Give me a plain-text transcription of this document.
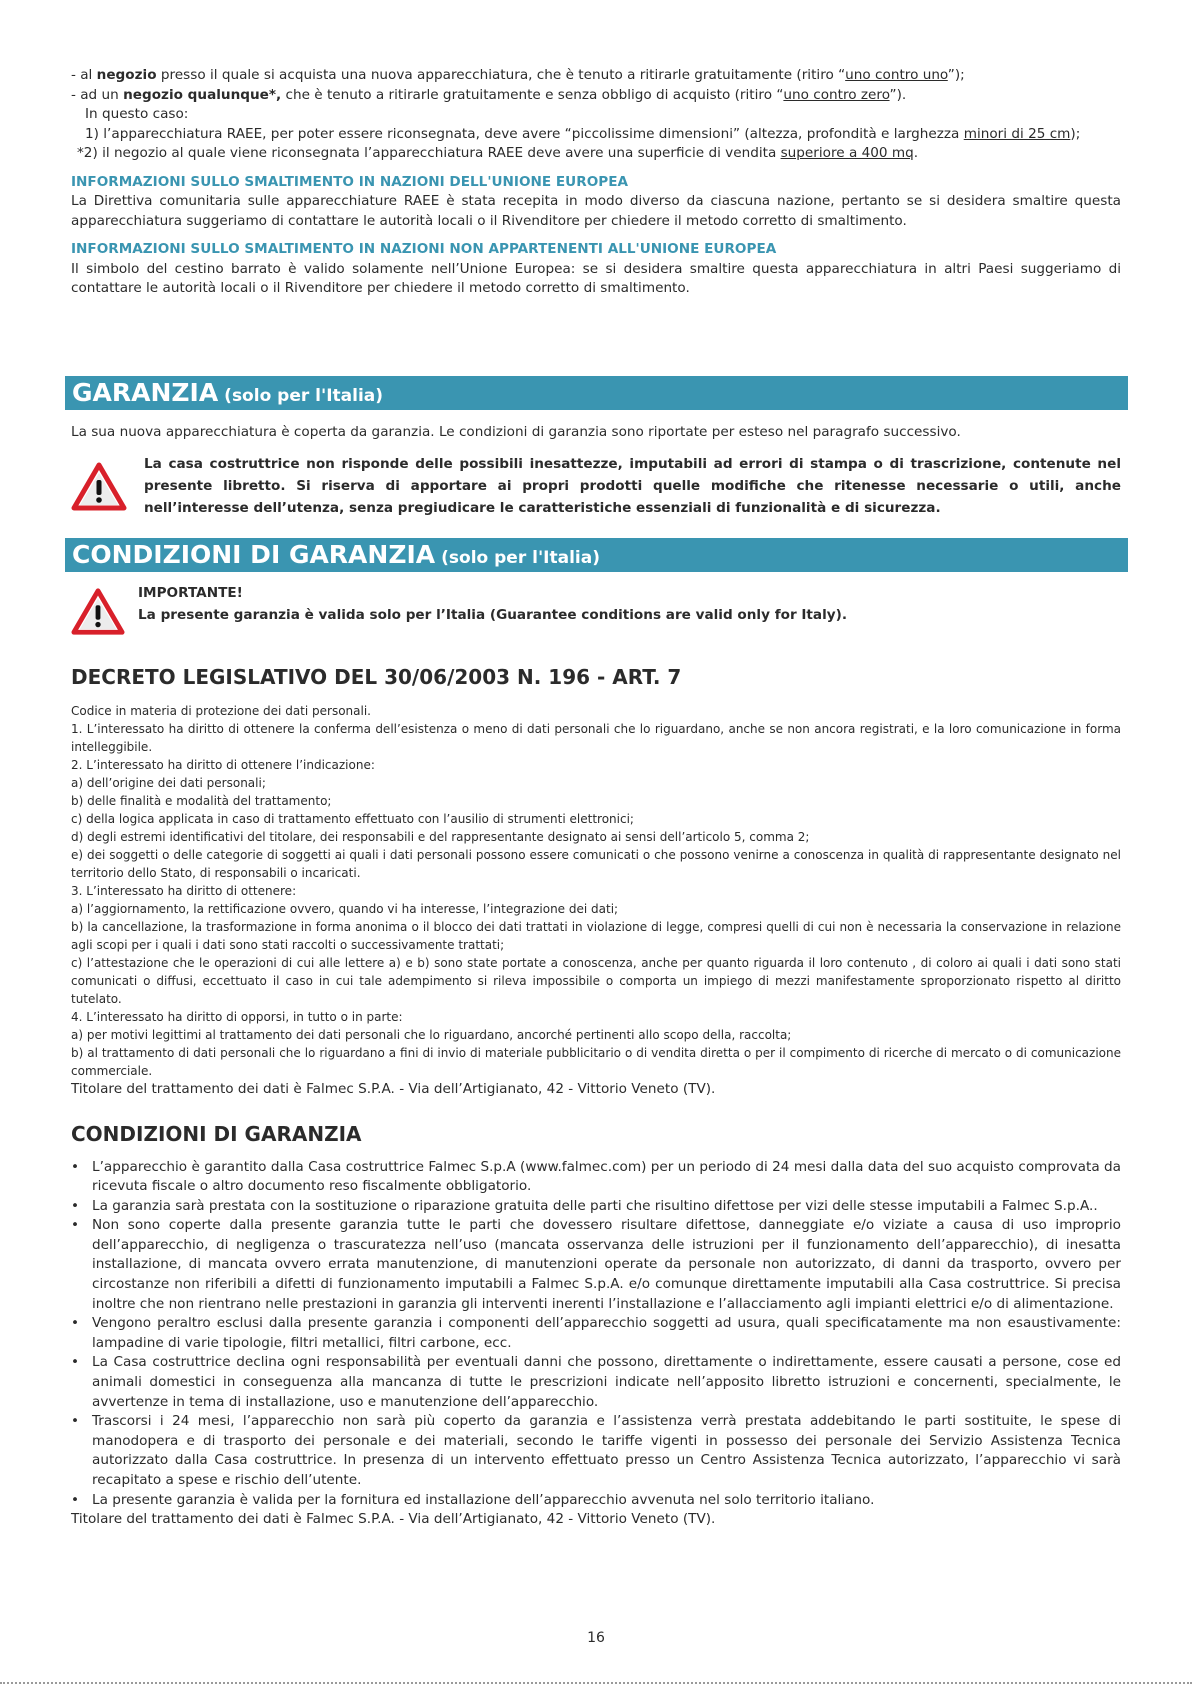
- al negozio presso il quale si acquista una nuova apparecchiatura, che è tenuto a ritirarle gratuitamente (ritiro “uno contro uno”);
- ad un negozio qualunque*, che è tenuto a ritirarle gratuitamente e senza obbligo di acquisto (ritiro “uno contro zero”).
In questo caso:
1) l’apparecchiatura RAEE, per poter essere riconsegnata, deve avere “piccolissime dimensioni” (altezza, profondità e larghezza minori di 25 cm);
*2) il negozio al quale viene riconsegnata l’apparecchiatura RAEE deve avere una superficie di vendita superiore a 400 mq.
INFORMAZIONI SULLO SMALTIMENTO IN NAZIONI DELL'UNIONE EUROPEA
La Direttiva comunitaria sulle apparecchiature RAEE è stata recepita in modo diverso da ciascuna nazione, pertanto se si desidera smaltire questa apparecchiatura suggeriamo di contattare le autorità locali o il Rivenditore per chiedere il metodo corretto di smaltimento.
INFORMAZIONI SULLO SMALTIMENTO IN NAZIONI NON APPARTENENTI ALL'UNIONE EUROPEA
Il simbolo del cestino barrato è valido solamente nell’Unione Europea: se si desidera smaltire questa apparecchiatura in altri Paesi suggeriamo di contattare le autorità locali o il Rivenditore per chiedere il metodo corretto di smaltimento.
GARANZIA (solo per l'Italia)
La sua nuova apparecchiatura è coperta da garanzia. Le condizioni di garanzia sono riportate per esteso nel paragrafo successivo.
La casa costruttrice non risponde delle possibili inesattezze, imputabili ad errori di stampa o di trascrizione, contenute nel presente libretto. Si riserva di apportare ai propri prodotti quelle modifiche che ritenesse necessarie o utili, anche nell’interesse dell’utenza, senza pregiudicare le caratteristiche essenziali di funzionalità e di sicurezza.
CONDIZIONI DI GARANZIA (solo per l'Italia)
IMPORTANTE!
La presente garanzia è valida solo per l’Italia (Guarantee conditions are valid only for Italy).
DECRETO LEGISLATIVO DEL 30/06/2003 N. 196 - ART. 7
Codice in materia di protezione dei dati personali.
1. L’interessato ha diritto di ottenere la conferma dell’esistenza o meno di dati personali che lo riguardano, anche se non ancora registrati, e la loro comunicazione in forma intelleggibile.
2. L’interessato ha diritto di ottenere l’indicazione:
a) dell’origine dei dati personali;
b) delle finalità e modalità del trattamento;
c) della logica applicata in caso di trattamento effettuato con l’ausilio di strumenti elettronici;
d) degli estremi identificativi del titolare, dei responsabili e del rappresentante designato ai sensi dell’articolo 5, comma 2;
e) dei soggetti o delle categorie di soggetti ai quali i dati personali possono essere comunicati o che possono venirne a conoscenza in qualità di rappresentante designato nel territorio dello Stato, di responsabili o incaricati.
3. L’interessato ha diritto di ottenere:
a) l’aggiornamento, la rettificazione ovvero, quando vi ha interesse, l’integrazione dei dati;
b) la cancellazione, la trasformazione in forma anonima o il blocco dei dati trattati in violazione di legge, compresi quelli di cui non è necessaria la conservazione in relazione agli scopi per i quali i dati sono stati raccolti o successivamente trattati;
c) l’attestazione che le operazioni di cui alle lettere a) e b) sono state portate a conoscenza, anche per quanto riguarda il loro contenuto , di coloro ai quali i dati sono stati comunicati o diffusi, eccettuato il caso in cui tale adempimento si rileva impossibile o comporta un impiego di mezzi manifestamente sproporzionato rispetto al diritto tutelato.
4. L’interessato ha diritto di opporsi, in tutto o in parte:
a) per motivi legittimi al trattamento dei dati personali che lo riguardano, ancorché pertinenti allo scopo della, raccolta;
b) al trattamento di dati personali che lo riguardano a fini di invio di materiale pubblicitario o di vendita diretta o per il compimento di ricerche di mercato o di comunicazione commerciale.
Titolare del trattamento dei dati è Falmec S.P.A. - Via dell’Artigianato, 42 - Vittorio Veneto (TV).
CONDIZIONI DI GARANZIA
• L’apparecchio è garantito dalla Casa costruttrice Falmec S.p.A (www.falmec.com) per un periodo di 24 mesi dalla data del suo acquisto comprovata da ricevuta fiscale o altro documento reso fiscalmente obbligatorio.
• La garanzia sarà prestata con la sostituzione o riparazione gratuita delle parti che risultino difettose per vizi delle stesse imputabili a Falmec S.p.A..
• Non sono coperte dalla presente garanzia tutte le parti che dovessero risultare difettose, danneggiate e/o viziate a causa di uso improprio dell’apparecchio, di negligenza o trascuratezza nell’uso (mancata osservanza delle istruzioni per il funzionamento dell’apparecchio), di inesatta installazione, di mancata ovvero errata manutenzione, di manutenzioni operate da personale non autorizzato, di danni da trasporto, ovvero per circostanze non riferibili a difetti di funzionamento imputabili a Falmec S.p.A. e/o comunque direttamente imputabili alla Casa costruttrice. Si precisa inoltre che non rientrano nelle prestazioni in garanzia gli interventi inerenti l’installazione e l’allacciamento agli impianti elettrici e/o di alimentazione.
• Vengono peraltro esclusi dalla presente garanzia i componenti dell’apparecchio soggetti ad usura, quali specificatamente ma non esaustivamente: lampadine di varie tipologie, filtri metallici, filtri carbone, ecc.
• La Casa costruttrice declina ogni responsabilità per eventuali danni che possono, direttamente o indirettamente, essere causati a persone, cose ed animali domestici in conseguenza alla mancanza di tutte le prescrizioni indicate nell’apposito libretto istruzioni e concernenti, specialmente, le avvertenze in tema di installazione, uso e manutenzione dell’apparecchio.
• Trascorsi i 24 mesi, l’apparecchio non sarà più coperto da garanzia e l’assistenza verrà prestata addebitando le parti sostituite, le spese di manodopera e di trasporto dei personale e dei materiali, secondo le tariffe vigenti in possesso dei personale dei Servizio Assistenza Tecnica autorizzato dalla Casa costruttrice. In presenza di un intervento effettuato presso un Centro Assistenza Tecnica autorizzato, l’apparecchio vi sarà recapitato a spese e rischio dell’utente.
• La presente garanzia è valida per la fornitura ed installazione dell’apparecchio avvenuta nel solo territorio italiano.
Titolare del trattamento dei dati è Falmec S.P.A. - Via dell’Artigianato, 42 - Vittorio Veneto (TV).
16
